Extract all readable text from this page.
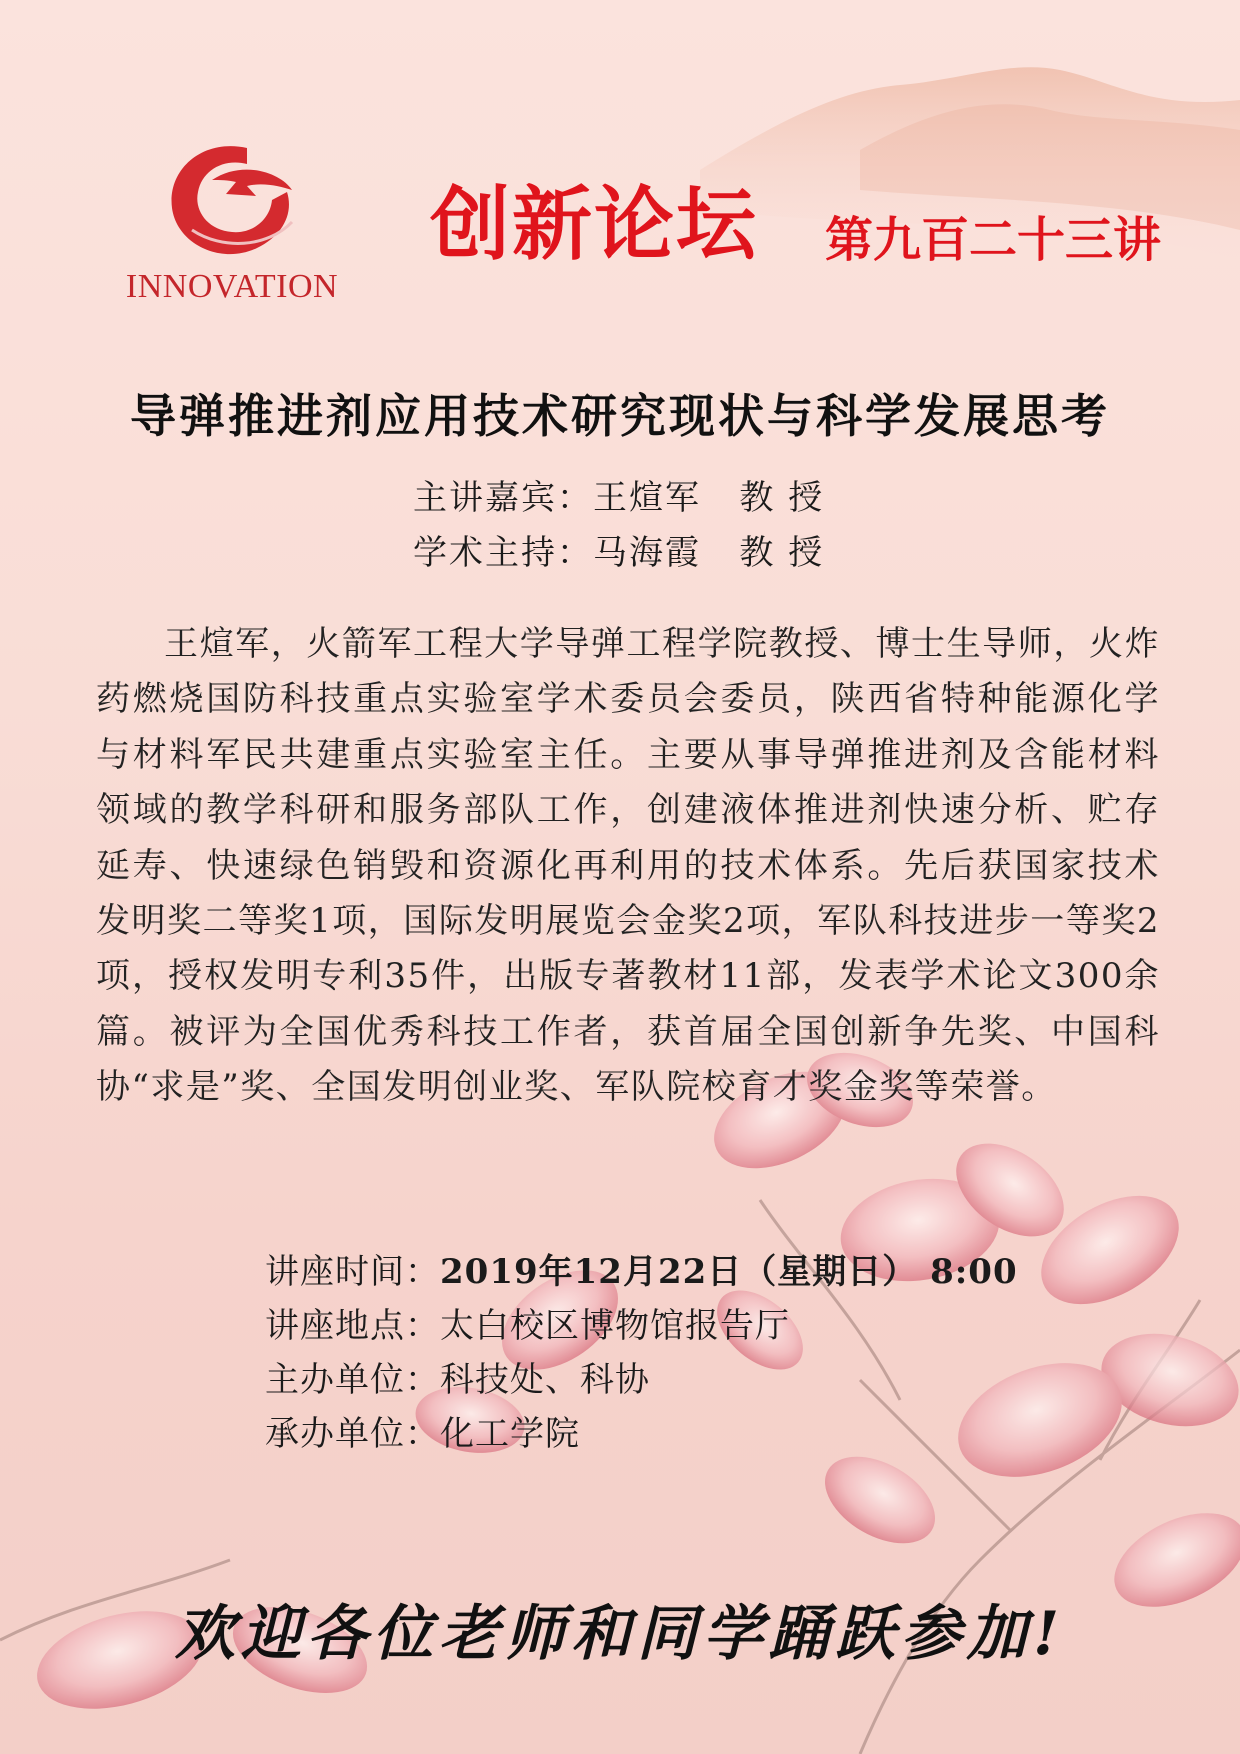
INNOVATION
创新论坛 第九百二十三讲
导弹推进剂应用技术研究现状与科学发展思考
主讲嘉宾：王煊军   教 授
学术主持：马海霞   教 授
王煊军，火箭军工程大学导弹工程学院教授、博士生导师，火炸药燃烧国防科技重点实验室学术委员会委员，陕西省特种能源化学与材料军民共建重点实验室主任。主要从事导弹推进剂及含能材料领域的教学科研和服务部队工作，创建液体推进剂快速分析、贮存延寿、快速绿色销毁和资源化再利用的技术体系。先后获国家技术发明奖二等奖1项，国际发明展览会金奖2项，军队科技进步一等奖2项，授权发明专利35件，出版专著教材11部，发表学术论文300余篇。被评为全国优秀科技工作者，获首届全国创新争先奖、中国科协“求是”奖、全国发明创业奖、军队院校育才奖金奖等荣誉。
讲座时间：2019年12月22日（星期日） 8:00
讲座地点：太白校区博物馆报告厅
主办单位：科技处、科协
承办单位：化工学院
欢迎各位老师和同学踊跃参加!
